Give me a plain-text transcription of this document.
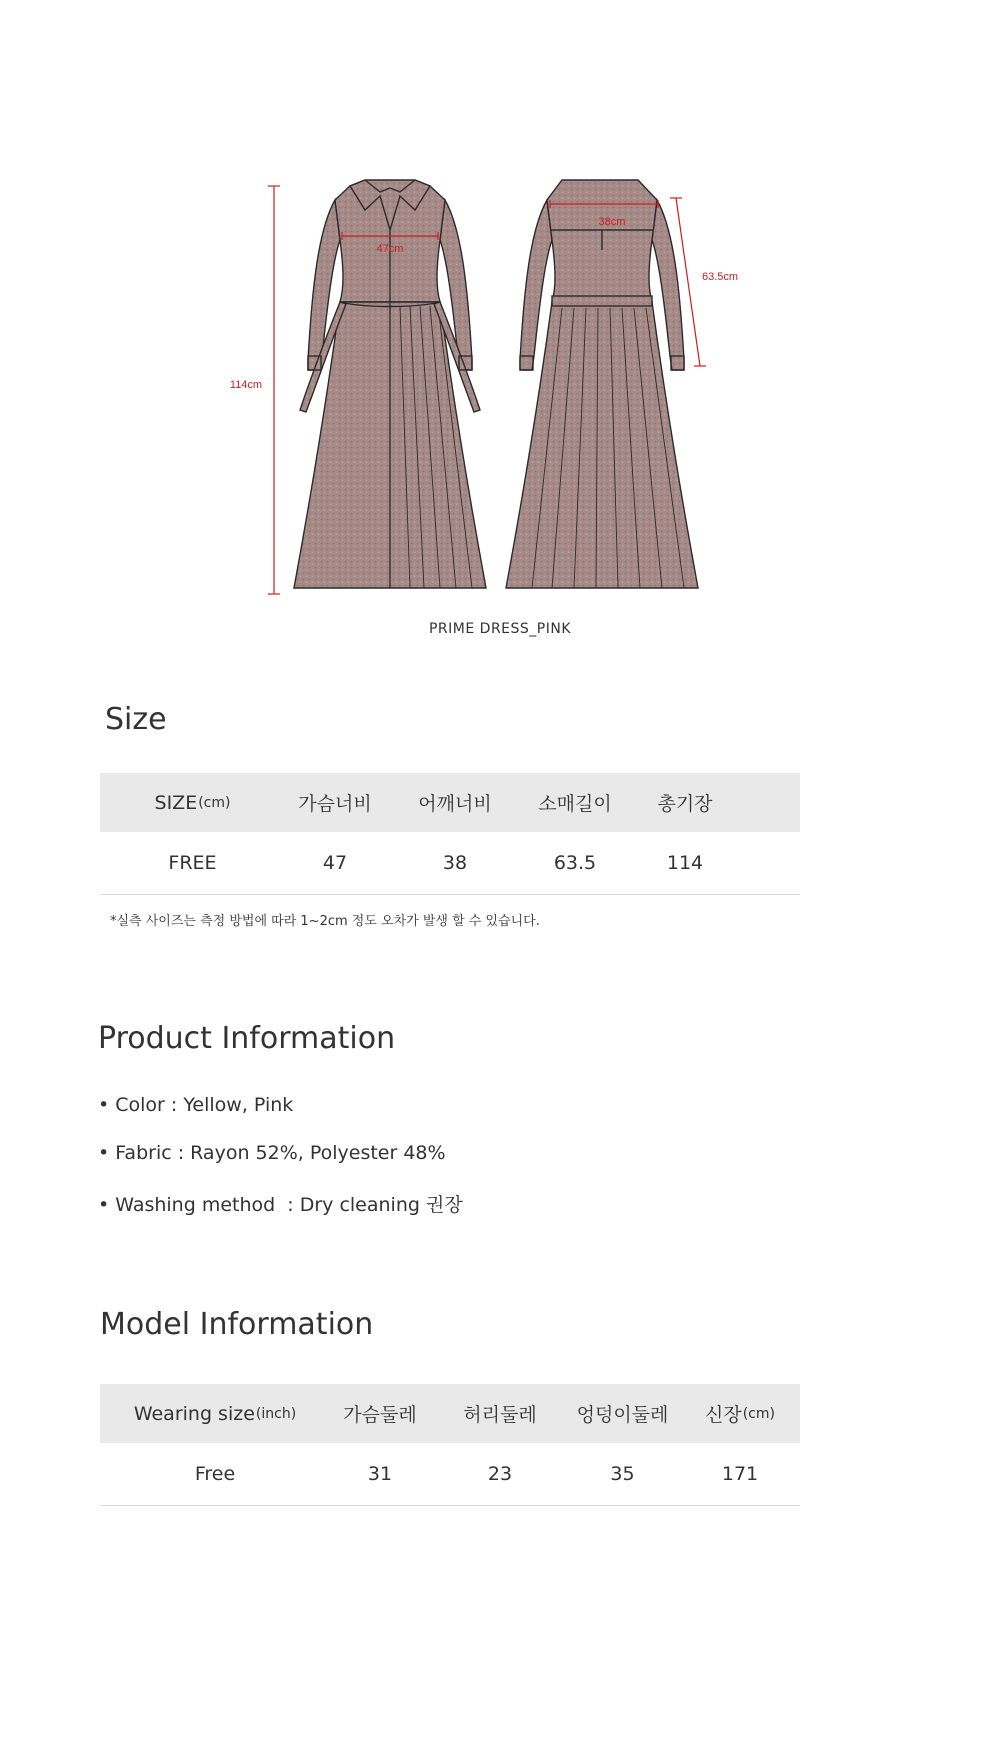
114cm
47cm
38cm
63.5cm
PRIME DRESS_PINK
Size
SIZE (cm)	가슴너비	어깨너비	소매길이	총기장
FREE	47	38	63.5	114
*실측 사이즈는 측정 방법에 따라 1~2cm 정도 오차가 발생 할 수 있습니다.
Product Information
• Color : Yellow, Pink
• Fabric : Rayon 52%, Polyester 48%
• Washing method  : Dry cleaning 권장
Model Information
Wearing size (inch)	가슴둘레	허리둘레	엉덩이둘레	신장 (cm)
Free	31	23	35	171
